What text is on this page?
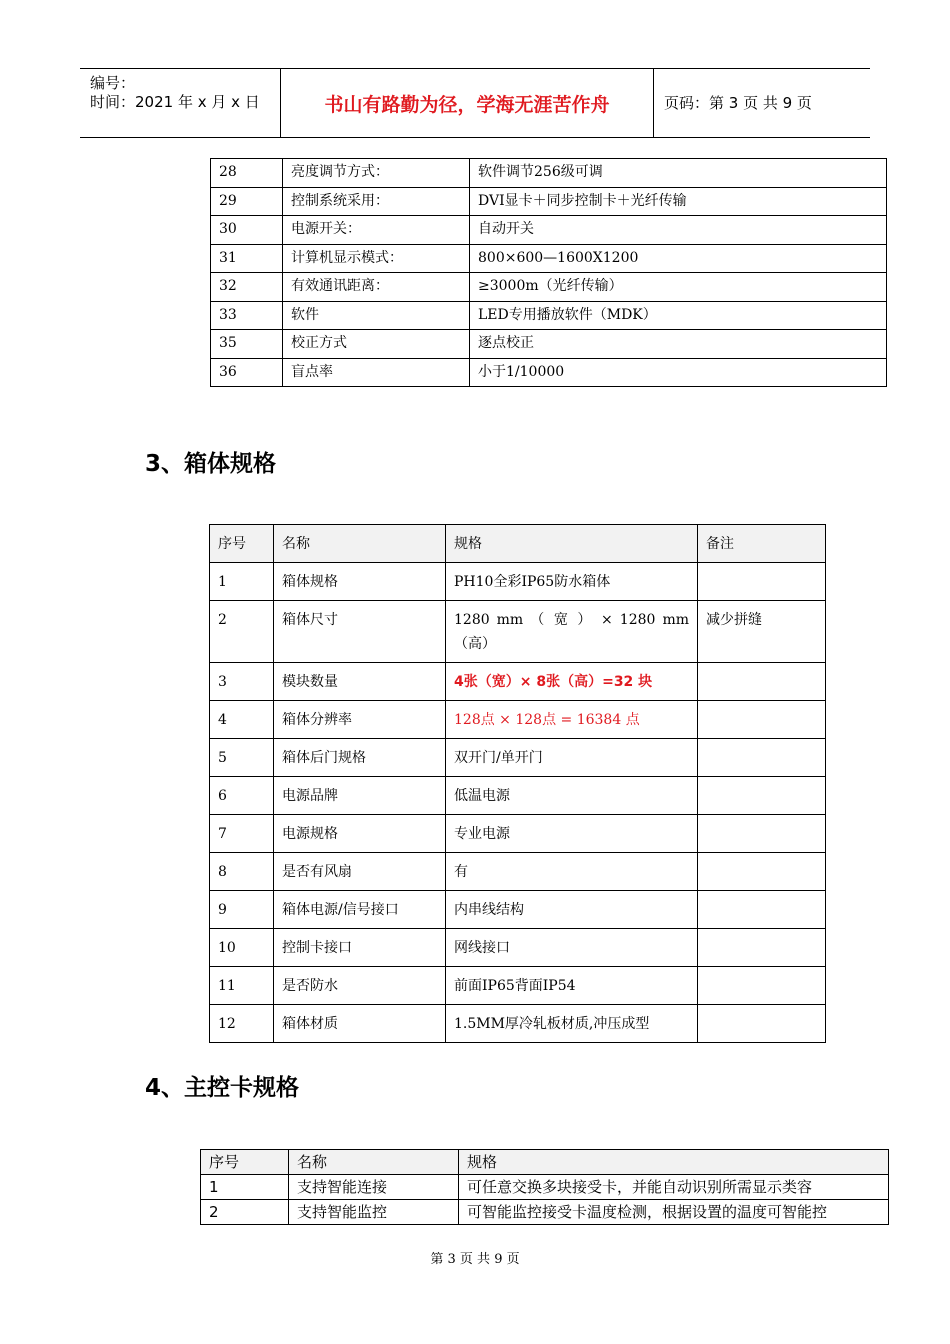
编号：
时间：2021 年 x 月 x 日	书山有路勤为径，学海无涯苦作舟	页码：第 3 页 共 9 页
28	亮度调节方式：	软件调节256级可调
29	控制系统采用：	DVI显卡＋同步控制卡＋光纤传输
30	电源开关：	自动开关
31	计算机显示模式：	800×600—1600X1200
32	有效通讯距离：	≥3000m（光纤传输）
33	软件	LED专用播放软件（MDK）
35	校正方式	逐点校正
36	盲点率	小于1/10000
3、箱体规格
序号	名称	规格	备注
1	箱体规格	PH10全彩IP65防水箱体	
2	箱体尺寸	1280 mm （ 宽 ） × 1280 mm（高）	减少拼缝
3	模块数量	4张（宽）× 8张（高）=32 块	
4	箱体分辨率	128点 × 128点 = 16384 点	
5	箱体后门规格	双开门/单开门	
6	电源品牌	低温电源	
7	电源规格	专业电源	
8	是否有风扇	有	
9	箱体电源/信号接口	内串线结构	
10	控制卡接口	网线接口	
11	是否防水	前面IP65背面IP54	
12	箱体材质	1.5MM厚冷轧板材质,冲压成型	
4、主控卡规格
序号	名称	规格
1	支持智能连接	可任意交换多块接受卡，并能自动识别所需显示类容
2	支持智能监控	可智能监控接受卡温度检测，根据设置的温度可智能控
第 3 页 共 9 页
